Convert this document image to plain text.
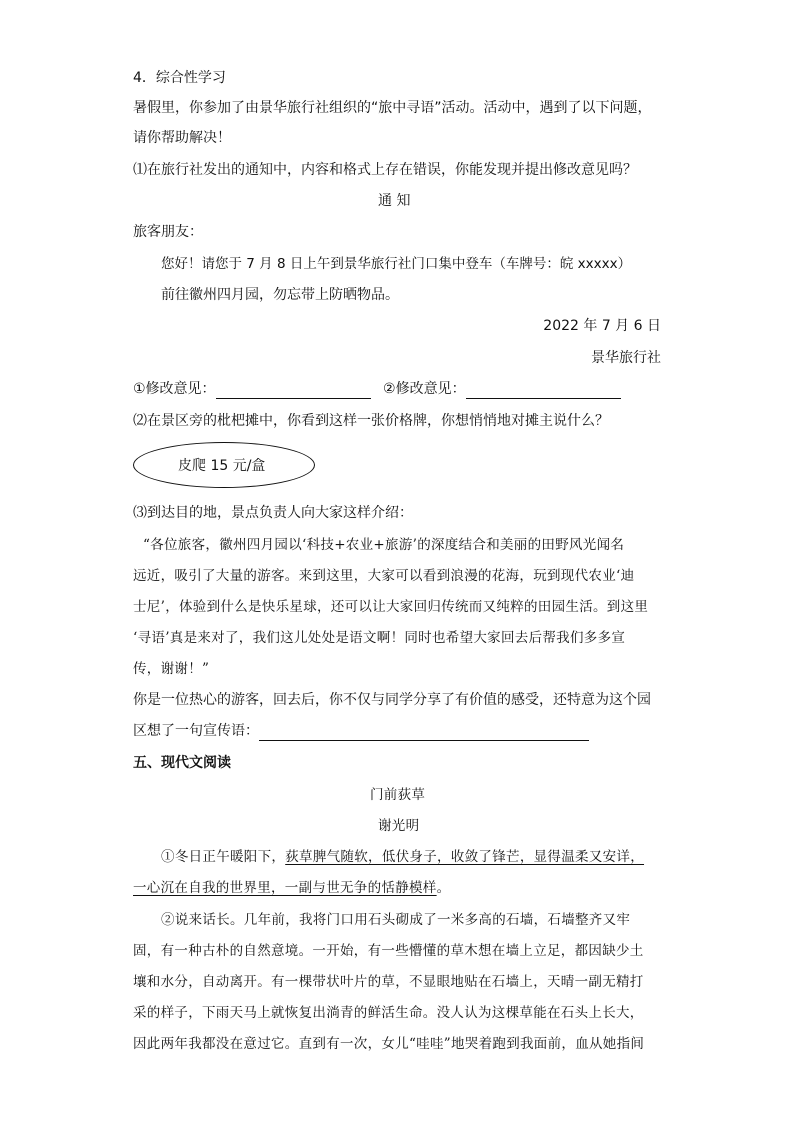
4．综合性学习
暑假里，你参加了由景华旅行社组织的“旅中寻语”活动。活动中，遇到了以下问题，
请你帮助解决！
⑴在旅行社发出的通知中，内容和格式上存在错误，你能发现并提出修改意见吗？
通 知
旅客朋友：
您好！请您于 7 月 8 日上午到景华旅行社门口集中登车（车牌号：皖 xxxxx）
前往徽州四月园，勿忘带上防晒物品。
2022 年 7 月 6 日
景华旅行社
①修改意见：	②修改意见：
⑵在景区旁的枇杷摊中，你看到这样一张价格牌，你想悄悄地对摊主说什么？
皮爬 15 元/盒
⑶到达目的地，景点负责人向大家这样介绍：
“各位旅客，徽州四月园以‘科技+农业+旅游’的深度结合和美丽的田野风光闻名
远近，吸引了大量的游客。来到这里，大家可以看到浪漫的花海，玩到现代农业‘迪
士尼’，体验到什么是快乐星球，还可以让大家回归传统而又纯粹的田园生活。到这里
‘寻语’真是来对了，我们这儿处处是语文啊！同时也希望大家回去后帮我们多多宣
传，谢谢！”
你是一位热心的游客，回去后，你不仅与同学分享了有价值的感受，还特意为这个园
区想了一句宣传语：
五、现代文阅读
门前荻草
谢光明
①冬日正午暖阳下，荻草脾气随软，低伏身子，收敛了锋芒，显得温柔又安详，
一心沉在自我的世界里，一副与世无争的恬静模样。
②说来话长。几年前，我将门口用石头砌成了一米多高的石墙，石墙整齐又牢
固，有一种古朴的自然意境。一开始，有一些懵懂的草木想在墙上立足，都因缺少土
壤和水分，自动离开。有一棵带状叶片的草，不显眼地贴在石墙上，天晴一副无精打
采的样子，下雨天马上就恢复出淌青的鲜活生命。没人认为这棵草能在石头上长大，
因此两年我都没在意过它。直到有一次，女儿“哇哇”地哭着跑到我面前，血从她指间
